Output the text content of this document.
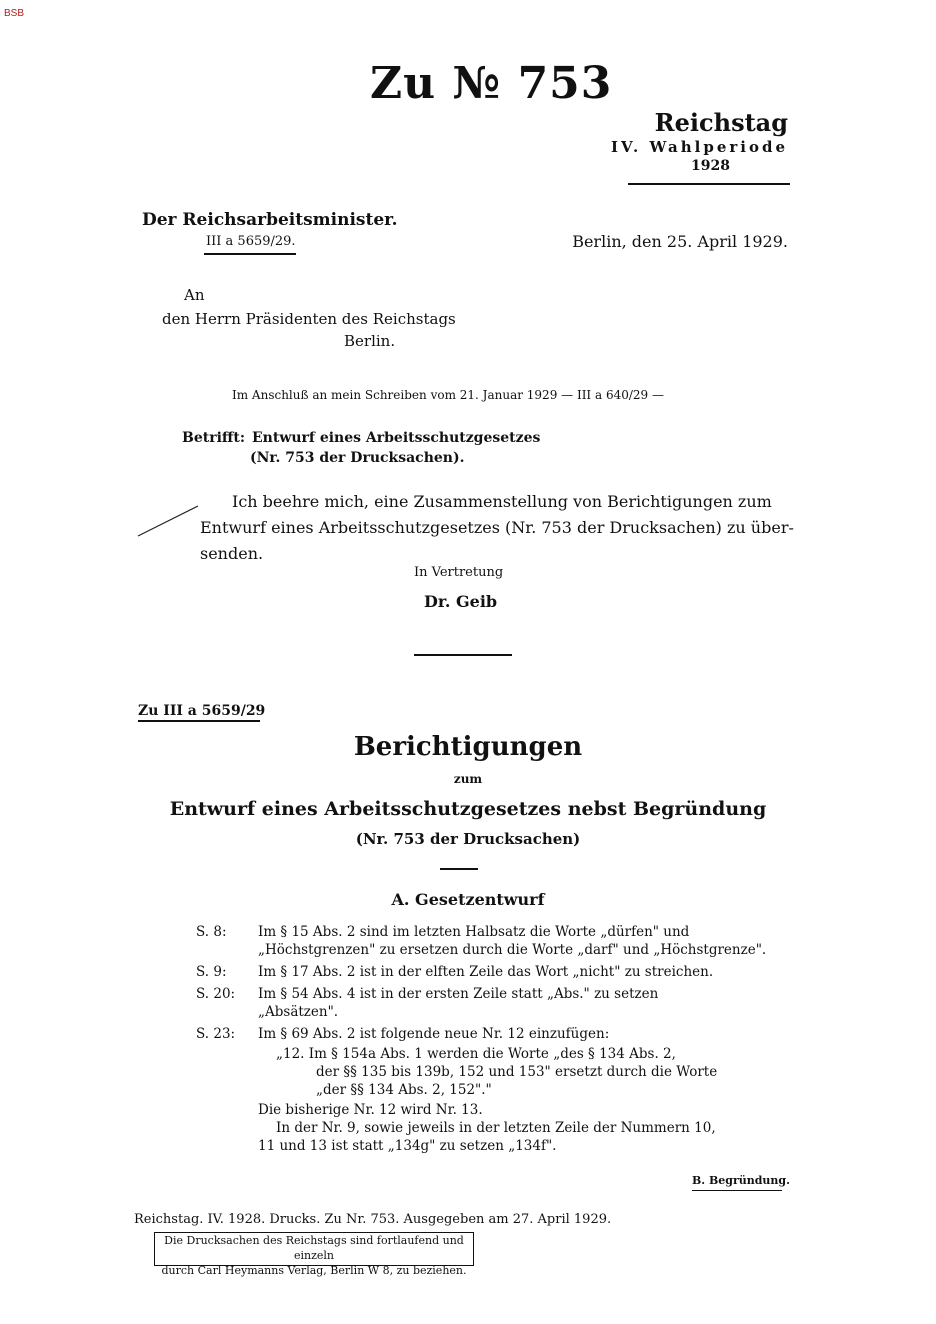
BSB
Zu № 753
Reichstag
IV. Wahlperiode
1928
Der Reichsarbeitsminister.
III a 5659/29.	Berlin, den 25. April 1929.
An
den Herrn Präsidenten des Reichstags
Berlin.
Im Anschluß an mein Schreiben vom 21. Januar 1929 — III a 640/29 —
Betrifft: Entwurf eines Arbeitsschutzgesetzes
(Nr. 753 der Drucksachen).
Ich beehre mich, eine Zusammenstellung von Berichtigungen zum
Entwurf eines Arbeitsschutzgesetzes (Nr. 753 der Drucksachen) zu über-
senden.
In Vertretung
Dr. Geib
Zu III a 5659/29
Berichtigungen
zum
Entwurf eines Arbeitsschutzgesetzes nebst Begründung
(Nr. 753 der Drucksachen)
A. Gesetzentwurf
S. 8: Im § 15 Abs. 2 sind im letzten Halbsatz die Worte „dürfen" und
„Höchstgrenzen" zu ersetzen durch die Worte „darf" und „Höchstgrenze".
S. 9: Im § 17 Abs. 2 ist in der elften Zeile das Wort „nicht" zu streichen.
S. 20: Im § 54 Abs. 4 ist in der ersten Zeile statt „Abs." zu setzen
„Absätzen".
S. 23: Im § 69 Abs. 2 ist folgende neue Nr. 12 einzufügen:
„12. Im § 154a Abs. 1 werden die Worte „des § 134 Abs. 2,
der §§ 135 bis 139b, 152 und 153" ersetzt durch die Worte
„der §§ 134 Abs. 2, 152"."
Die bisherige Nr. 12 wird Nr. 13.
In der Nr. 9, sowie jeweils in der letzten Zeile der Nummern 10,
11 und 13 ist statt „134g" zu setzen „134f".
B. Begründung.
Reichstag. IV. 1928. Drucks. Zu Nr. 753. Ausgegeben am 27. April 1929.
Die Drucksachen des Reichstags sind fortlaufend und einzeln
durch Carl Heymanns Verlag, Berlin W 8, zu beziehen.
